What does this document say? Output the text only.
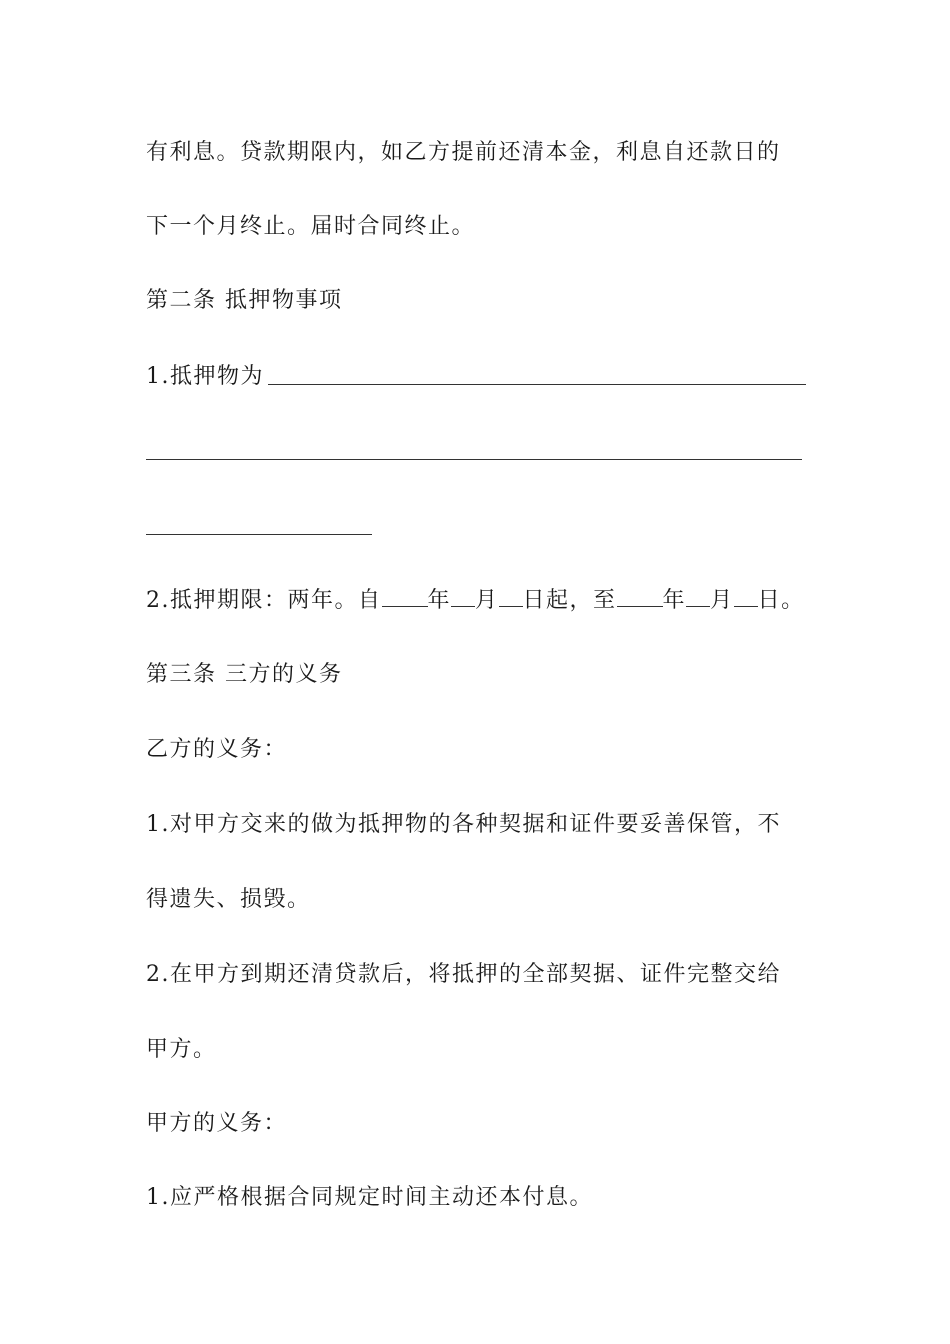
有利息。贷款期限内，如乙方提前还清本金，利息自还款日的
下一个月终止。届时合同终止。
第二条 抵押物事项
1.抵押物为
2.抵押期限：两年。自 年 月 日起，至 年 月 日。
第三条 三方的义务
乙方的义务：
1.对甲方交来的做为抵押物的各种契据和证件要妥善保管，不
得遗失、损毁。
2.在甲方到期还清贷款后，将抵押的全部契据、证件完整交给
甲方。
甲方的义务：
1.应严格根据合同规定时间主动还本付息。
